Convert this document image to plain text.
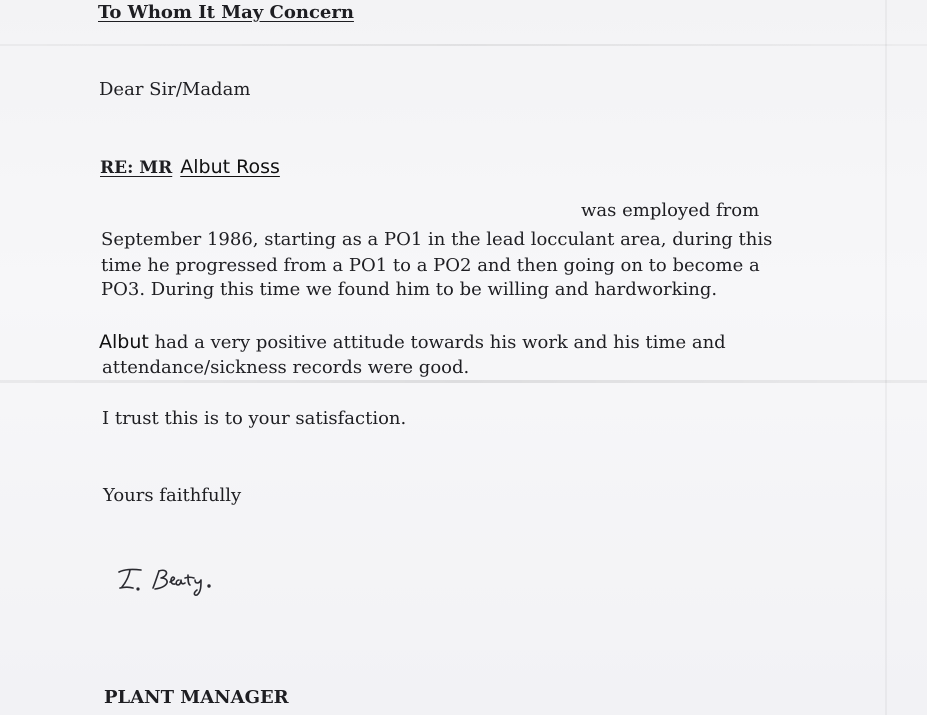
To Whom It May Concern
Dear Sir/Madam
RE: MR Albut Ross
was employed from
September 1986, starting as a PO1 in the lead locculant area, during this
time he progressed from a PO1 to a PO2 and then going on to become a
PO3. During this time we found him to be willing and hardworking.
Albut had a very positive attitude towards his work and his time and
attendance/sickness records were good.
I trust this is to your satisfaction.
Yours faithfully
PLANT MANAGER
